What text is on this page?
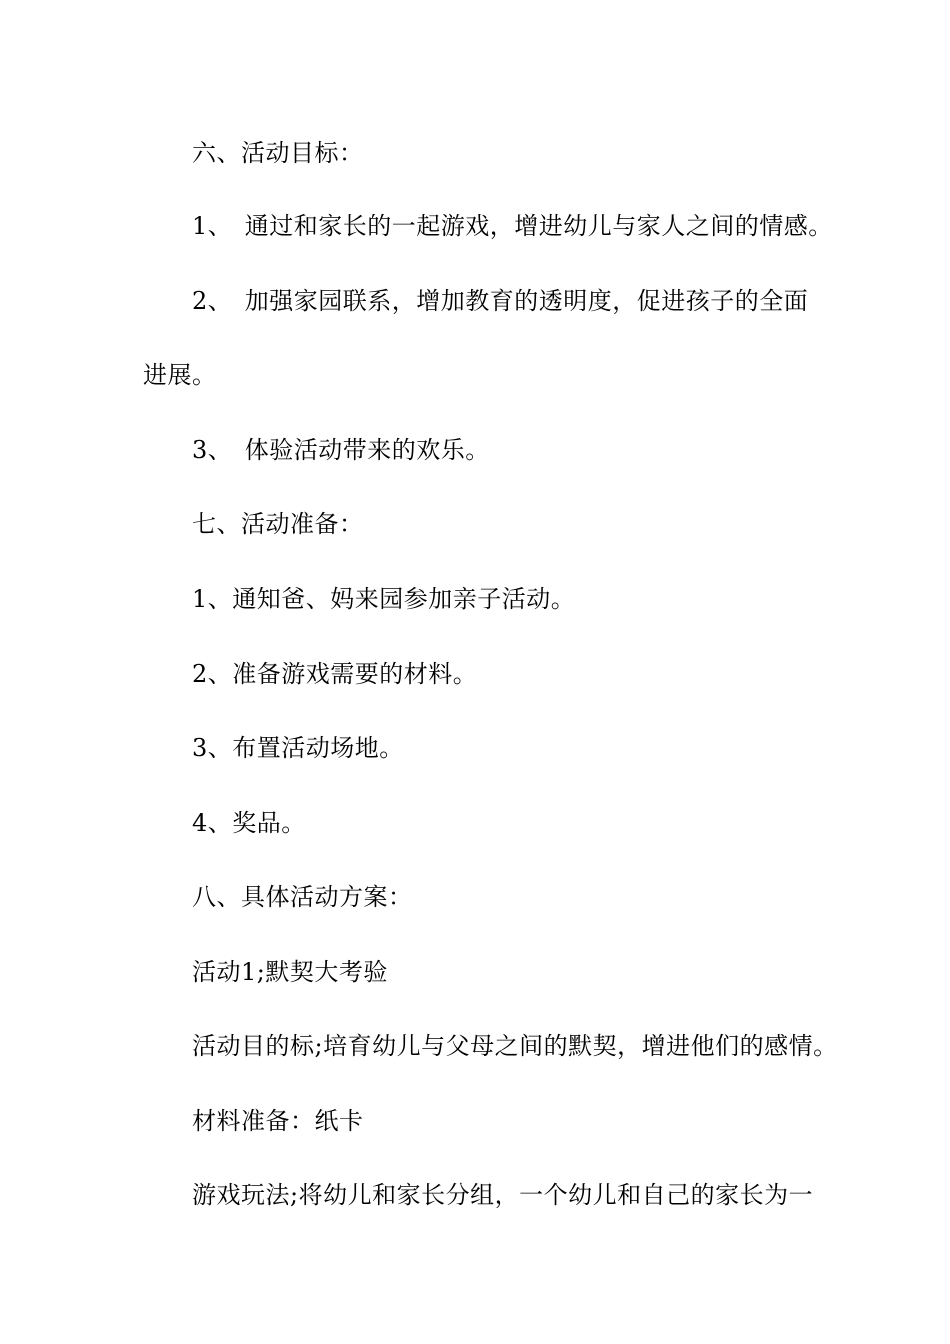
六、活动目标：
1、　通过和家长的一起游戏，增进幼儿与家人之间的情感。
2、　加强家园联系，增加教育的透明度，促进孩子的全面
进展。
3、　体验活动带来的欢乐。
七、活动准备：
1、通知爸、妈来园参加亲子活动。
2、准备游戏需要的材料。
3、布置活动场地。
4、奖品。
八、具体活动方案：
活动1;默契大考验
活动目的标;培育幼儿与父母之间的默契，增进他们的感情。
材料准备：纸卡
游戏玩法;将幼儿和家长分组，一个幼儿和自己的家长为一
